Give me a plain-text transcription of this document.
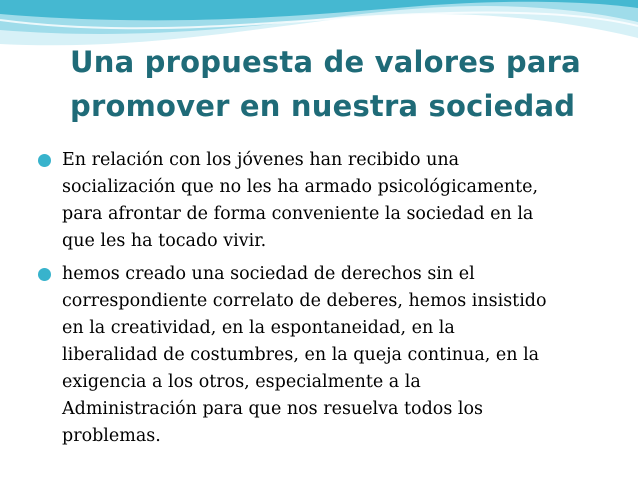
Una propuesta de valores para
promover en nuestra sociedad
En relación con los jóvenes han recibido una
socialización que no les ha armado psicológicamente,
para afrontar de forma conveniente la sociedad en la
que les ha tocado vivir.
hemos creado una sociedad de derechos sin el
correspondiente correlato de deberes, hemos insistido
en la creatividad, en la espontaneidad, en la
liberalidad de costumbres, en la queja continua, en la
exigencia a los otros, especialmente a la
Administración para que nos resuelva todos los
problemas.
